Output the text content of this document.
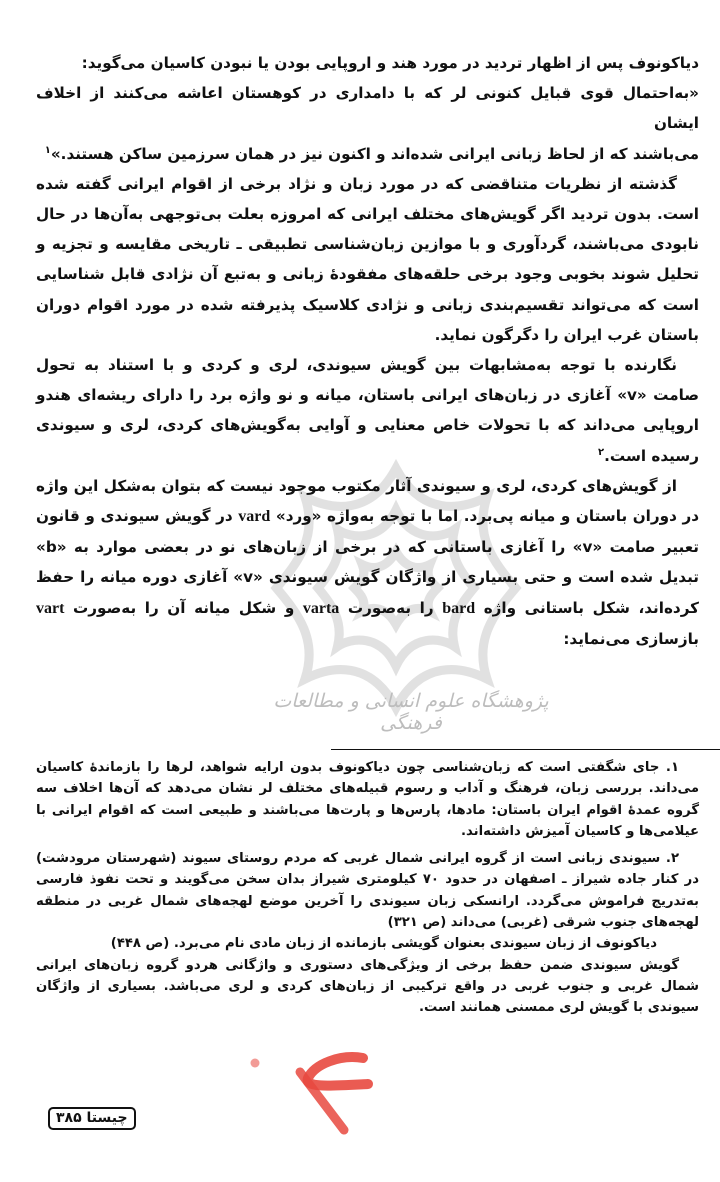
دیاکونوف پس از اظهار تردید در مورد هند و اروپایی بودن یا نبودن کاسیان می‌گوید:
«به‌احتمال قوی قبایل کنونی لر که با دامداری در کوهستان اعاشه می‌کنند از اخلاف ایشان
می‌باشند که از لحاظ زبانی ایرانی شده‌اند و اکنون نیز در همان سرزمین ساکن هستند.»$^۱$

گذشته از نظریات متناقضی که در مورد زبان و نژاد برخی از اقوام ایرانی گفته شده است. بدون تردید اگر گویش‌های مختلف ایرانی که امروزه بعلت بی‌توجهی به‌آن‌ها در حال نابودی می‌باشند، گردآوری و با موازین زبان‌شناسی تطبیقی ـ تاریخی مقایسه و تجزیه و تحلیل شوند بخوبی وجود برخی حلقه‌های مفقودهٔ زبانی و به‌تبع آن نژادی قابل شناسایی است که می‌تواند تقسیم‌بندی زبانی و نژادی کلاسیک پذیرفته شده در مورد اقوام دوران باستان غرب ایران را دگرگون نماید.

نگارنده با توجه به‌مشابهات بین گویش سیوندی، لری و کردی و با استناد به تحول صامت «v» آغازی در زبان‌های ایرانی باستان، میانه و نو واژه برد را دارای ریشه‌ای هندو اروپایی می‌داند که با تحولات خاص معنایی و آوایی به‌گویش‌های کردی، لری و سیوندی رسیده است.$^۲$

از گویش‌های کردی، لری و سیوندی آثار مکتوب موجود نیست که بتوان به‌شکل این واژه در دوران باستان و میانه پی‌برد. اما با توجه به‌واژه «ورد» vard در گویش سیوندی و قانون تعبیر صامت «v» را آغازی باستانی که در برخی از زبان‌های نو در بعضی موارد به «b» تبدیل شده است و حتی بسیاری از واژگان گویش سیوندی «v» آغازی دوره میانه را حفظ کرده‌اند، شکل باستانی واژه bard را به‌صورت varta و شکل میانه آن را به‌صورت vart بازسازی می‌نماید:

پژوهشگاه علوم انسانی و مطالعات فرهنگی

۱. جای شگفتی است که زبان‌شناسی چون دیاکونوف بدون ارایه شواهد، لرها را بازماندهٔ کاسیان می‌داند. بررسی زبان، فرهنگ و آداب و رسوم قبیله‌های مختلف لر نشان می‌دهد که آن‌ها اخلاف سه گروه عمدهٔ اقوام ایران باستان: مادها، پارس‌ها و پارت‌ها می‌باشند و طبیعی است که اقوام ایرانی با عیلامی‌ها و کاسیان آمیزش داشته‌اند.

۲. سیوندی زبانی است از گروه ایرانی شمال غربی که مردم روستای سیوند (شهرستان مرودشت) در کنار جاده شیراز ـ اصفهان در حدود ۷۰ کیلومتری شیراز بدان سخن می‌گویند و تحت نفوذ فارسی به‌تدریج فراموش می‌گردد. ارانسکی زبان سیوندی را آخرین موضع لهجه‌های شمال غربی در منطقه لهجه‌های جنوب شرقی (غربی) می‌داند (ص ۳۲۱)

دیاکونوف از زبان سیوندی بعنوان گویشی بازمانده از زبان مادی نام می‌برد. (ص ۴۴۸)

گویش سیوندی ضمن حفظ برخی از ویژگی‌های دستوری و واژگانی هردو گروه زبان‌های ایرانی شمال غربی و جنوب غربی در واقع ترکیبی از زبان‌های کردی و لری می‌باشد. بسیاری از واژگان سیوندی با گویش لری ممسنی همانند است.

چیستا ۳۸۵
